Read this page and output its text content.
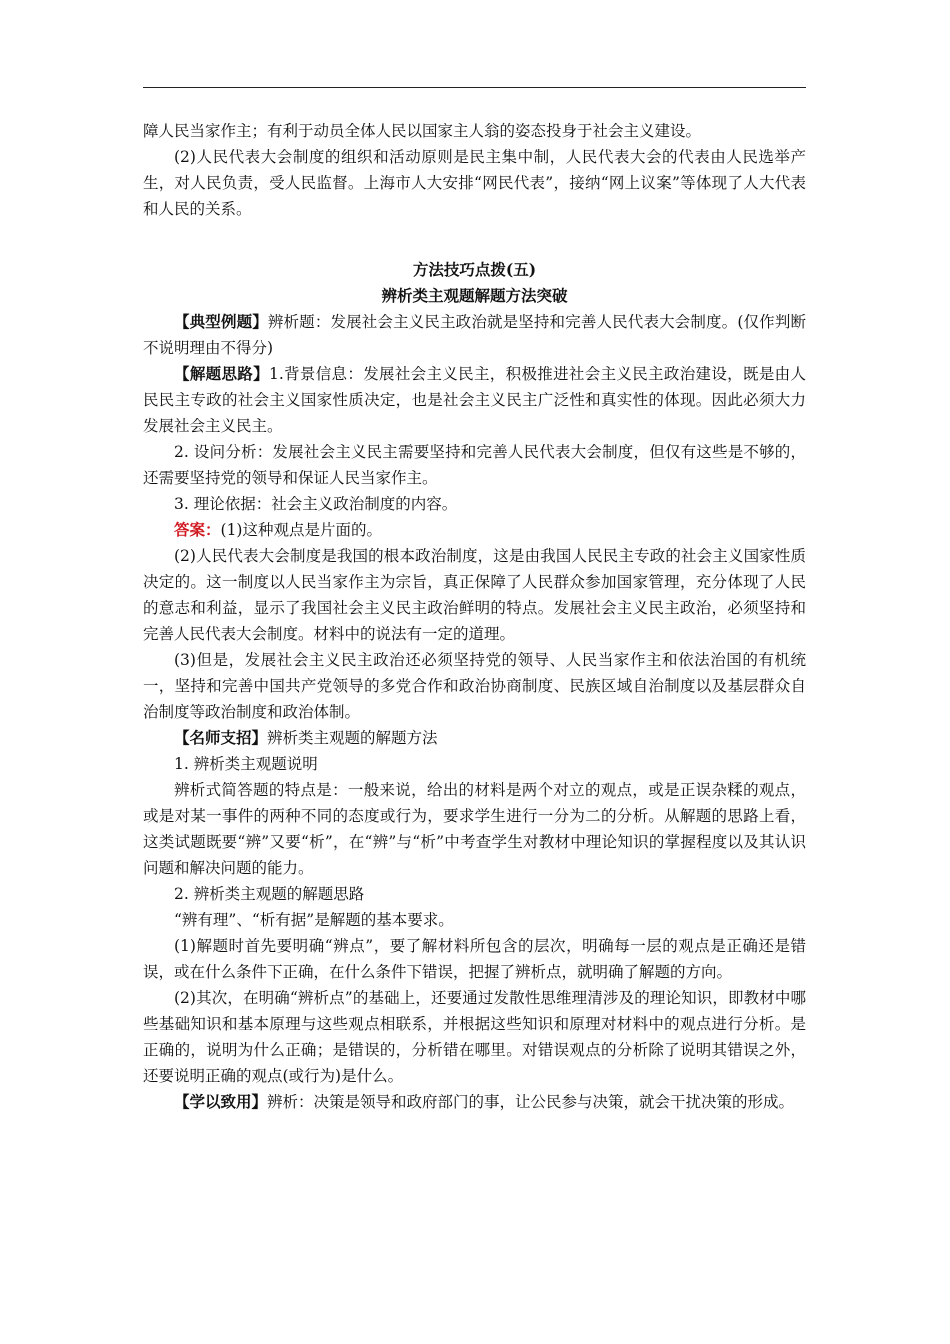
障人民当家作主；有利于动员全体人民以国家主人翁的姿态投身于社会主义建设。

(2)人民代表大会制度的组织和活动原则是民主集中制，人民代表大会的代表由人民选举产生，对人民负责，受人民监督。上海市人大安排“网民代表”，接纳“网上议案”等体现了人大代表和人民的关系。

方法技巧点拨(五)

辨析类主观题解题方法突破

【典型例题】辨析题：发展社会主义民主政治就是坚持和完善人民代表大会制度。(仅作判断不说明理由不得分)

【解题思路】1.背景信息：发展社会主义民主，积极推进社会主义民主政治建设，既是由人民民主专政的社会主义国家性质决定，也是社会主义民主广泛性和真实性的体现。因此必须大力发展社会主义民主。

2. 设问分析：发展社会主义民主需要坚持和完善人民代表大会制度，但仅有这些是不够的，还需要坚持党的领导和保证人民当家作主。

3. 理论依据：社会主义政治制度的内容。

答案：(1)这种观点是片面的。

(2)人民代表大会制度是我国的根本政治制度，这是由我国人民民主专政的社会主义国家性质决定的。这一制度以人民当家作主为宗旨，真正保障了人民群众参加国家管理，充分体现了人民的意志和利益，显示了我国社会主义民主政治鲜明的特点。发展社会主义民主政治，必须坚持和完善人民代表大会制度。材料中的说法有一定的道理。

(3)但是，发展社会主义民主政治还必须坚持党的领导、人民当家作主和依法治国的有机统一，坚持和完善中国共产党领导的多党合作和政治协商制度、民族区域自治制度以及基层群众自治制度等政治制度和政治体制。

【名师支招】辨析类主观题的解题方法

1. 辨析类主观题说明

辨析式简答题的特点是：一般来说，给出的材料是两个对立的观点，或是正误杂糅的观点，或是对某一事件的两种不同的态度或行为，要求学生进行一分为二的分析。从解题的思路上看，这类试题既要“辨”又要“析”，在“辨”与“析”中考查学生对教材中理论知识的掌握程度以及其认识问题和解决问题的能力。

2. 辨析类主观题的解题思路

“辨有理”、“析有据”是解题的基本要求。

(1)解题时首先要明确“辨点”，要了解材料所包含的层次，明确每一层的观点是正确还是错误，或在什么条件下正确，在什么条件下错误，把握了辨析点，就明确了解题的方向。

(2)其次，在明确“辨析点”的基础上，还要通过发散性思维理清涉及的理论知识，即教材中哪些基础知识和基本原理与这些观点相联系，并根据这些知识和原理对材料中的观点进行分析。是正确的，说明为什么正确；是错误的，分析错在哪里。对错误观点的分析除了说明其错误之外，还要说明正确的观点(或行为)是什么。

【学以致用】辨析：决策是领导和政府部门的事，让公民参与决策，就会干扰决策的形成。
